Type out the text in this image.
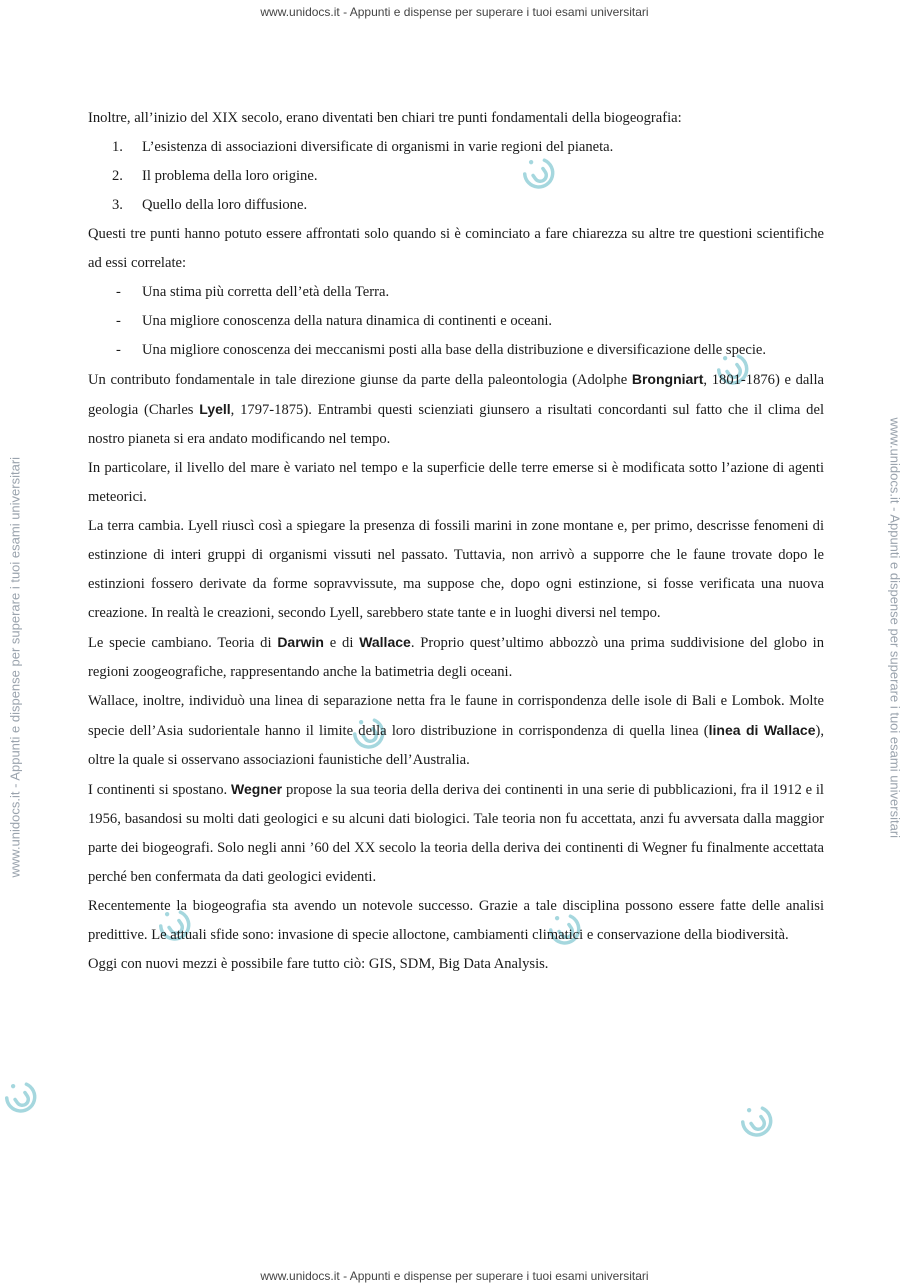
www.unidocs.it - Appunti e dispense per superare i tuoi esami universitari
www.unidocs.it - Appunti e dispense per superare i tuoi esami universitari
www.unidocs.it - Appunti e dispense per superare i tuoi esami universitari	www.unidocs.it - Appunti e dispense per superare i tuoi esami universitari

Inoltre, all’inizio del XIX secolo, erano diventati ben chiari tre punti fondamentali della biogeografia:

1. L’esistenza di associazioni diversificate di organismi in varie regioni del pianeta.
2. Il problema della loro origine.
3. Quello della loro diffusione.

Questi tre punti hanno potuto essere affrontati solo quando si è cominciato a fare chiarezza su altre tre questioni scientifiche ad essi correlate:

- Una stima più corretta dell’età della Terra.
- Una migliore conoscenza della natura dinamica di continenti e oceani.
- Una migliore conoscenza dei meccanismi posti alla base della distribuzione e diversificazione delle specie.

Un contributo fondamentale in tale direzione giunse da parte della paleontologia (Adolphe Brongniart, 1801-1876) e dalla geologia (Charles Lyell, 1797-1875). Entrambi questi scienziati giunsero a risultati concordanti sul fatto che il clima del nostro pianeta si era andato modificando nel tempo.

In particolare, il livello del mare è variato nel tempo e la superficie delle terre emerse si è modificata sotto l’azione di agenti meteorici.

La terra cambia. Lyell riuscì così a spiegare la presenza di fossili marini in zone montane e, per primo, descrisse fenomeni di estinzione di interi gruppi di organismi vissuti nel passato. Tuttavia, non arrivò a supporre che le faune trovate dopo le estinzioni fossero derivate da forme sopravvissute, ma suppose che, dopo ogni estinzione, si fosse verificata una nuova creazione. In realtà le creazioni, secondo Lyell, sarebbero state tante e in luoghi diversi nel tempo.

Le specie cambiano. Teoria di Darwin e di Wallace. Proprio quest’ultimo abbozzò una prima suddivisione del globo in regioni zoogeografiche, rappresentando anche la batimetria degli oceani.

Wallace, inoltre, individuò una linea di separazione netta fra le faune in corrispondenza delle isole di Bali e Lombok. Molte specie dell’Asia sudorientale hanno il limite della loro distribuzione in corrispondenza di quella linea (linea di Wallace), oltre la quale si osservano associazioni faunistiche dell’Australia.

I continenti si spostano. Wegner propose la sua teoria della deriva dei continenti in una serie di pubblicazioni, fra il 1912 e il 1956, basandosi su molti dati geologici e su alcuni dati biologici. Tale teoria non fu accettata, anzi fu avversata dalla maggior parte dei biogeografi. Solo negli anni ’60 del XX secolo la teoria della deriva dei continenti di Wegner fu finalmente accettata perché ben confermata da dati geologici evidenti.

Recentemente la biogeografia sta avendo un notevole successo. Grazie a tale disciplina possono essere fatte delle analisi predittive. Le attuali sfide sono: invasione di specie alloctone, cambiamenti climatici e conservazione della biodiversità.

Oggi con nuovi mezzi è possibile fare tutto ciò: GIS, SDM, Big Data Analysis.
